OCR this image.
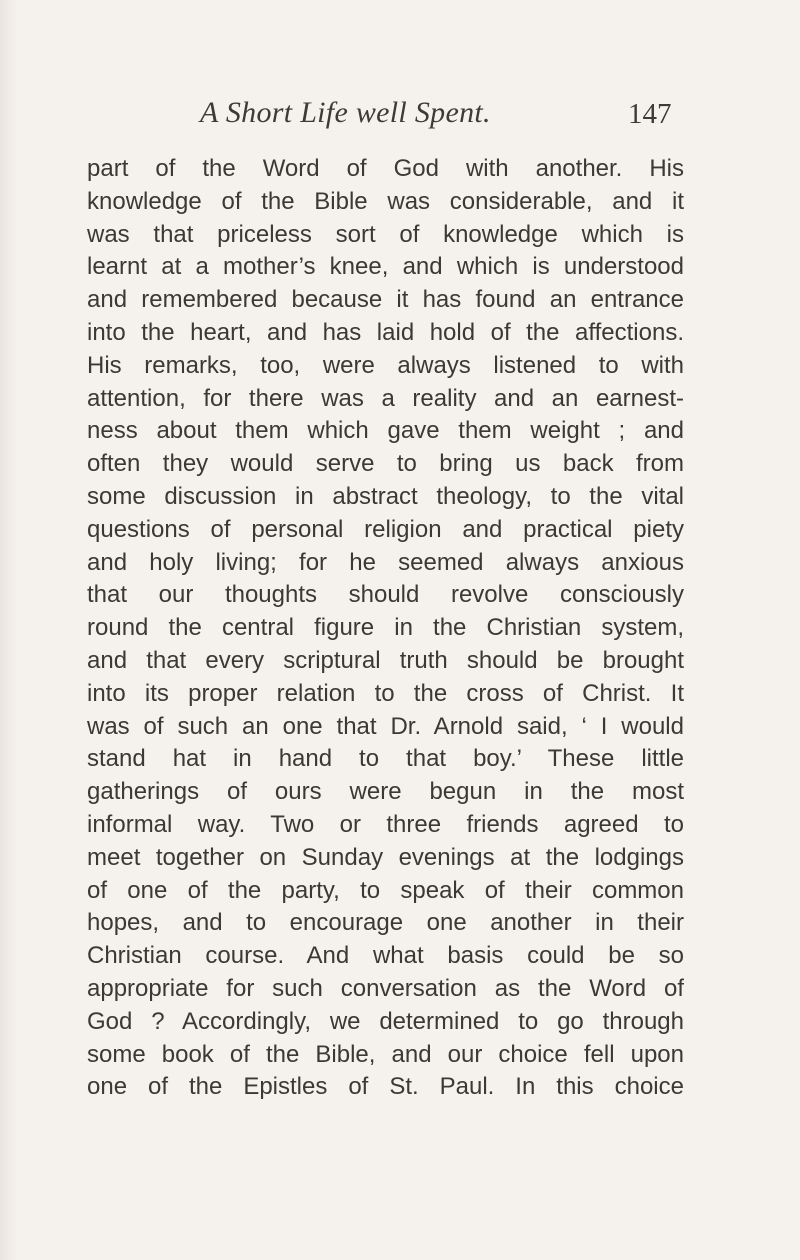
A Short Life well Spent.	147
part of the Word of God with another. His
knowledge of the Bible was considerable, and it
was that priceless sort of knowledge which is
learnt at a mother’s knee, and which is understood
and remembered because it has found an entrance
into the heart, and has laid hold of the affections.
His remarks, too, were always listened to with
attention, for there was a reality and an earnest-
ness about them which gave them weight ; and
often they would serve to bring us back from
some discussion in abstract theology, to the vital
questions of personal religion and practical piety
and holy living; for he seemed always anxious
that our thoughts should revolve consciously
round the central figure in the Christian system,
and that every scriptural truth should be brought
into its proper relation to the cross of Christ. It
was of such an one that Dr. Arnold said, ‘ I would
stand hat in hand to that boy.’ These little
gatherings of ours were begun in the most
informal way. Two or three friends agreed to
meet together on Sunday evenings at the lodgings
of one of the party, to speak of their common
hopes, and to encourage one another in their
Christian course. And what basis could be so
appropriate for such conversation as the Word of
God ? Accordingly, we determined to go through
some book of the Bible, and our choice fell upon
one of the Epistles of St. Paul. In this choice
